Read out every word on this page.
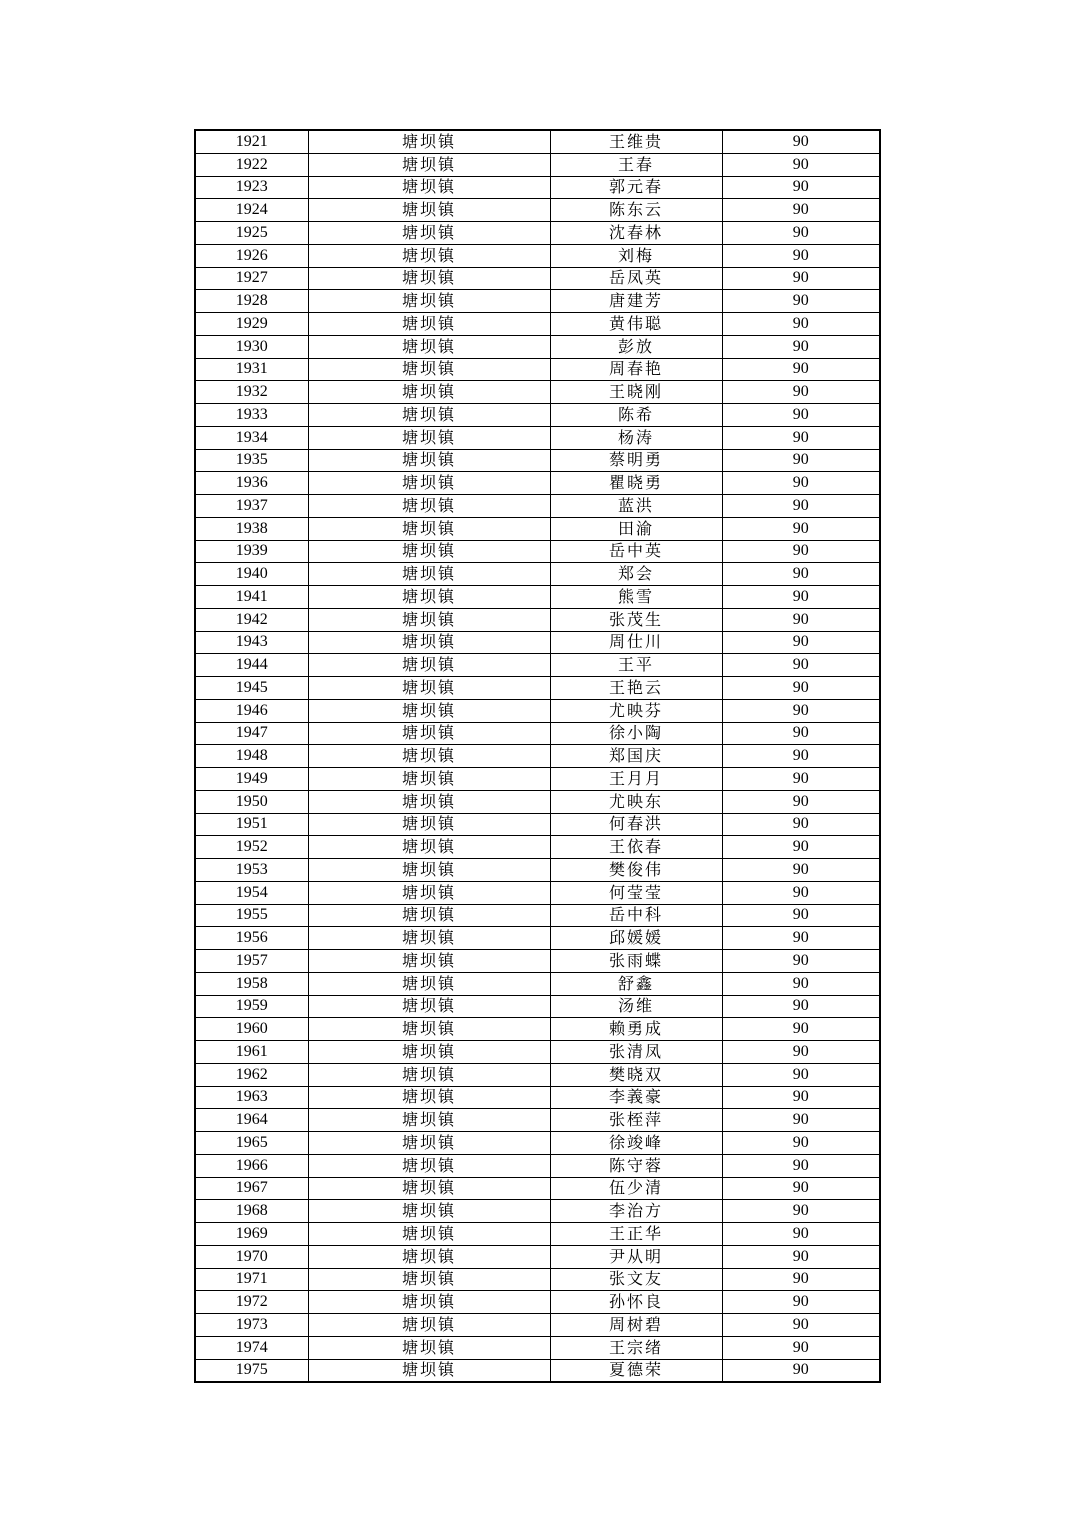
1921	塘坝镇	王维贵	90
1922	塘坝镇	王春	90
1923	塘坝镇	郭元春	90
1924	塘坝镇	陈东云	90
1925	塘坝镇	沈春林	90
1926	塘坝镇	刘梅	90
1927	塘坝镇	岳凤英	90
1928	塘坝镇	唐建芳	90
1929	塘坝镇	黄伟聪	90
1930	塘坝镇	彭放	90
1931	塘坝镇	周春艳	90
1932	塘坝镇	王晓刚	90
1933	塘坝镇	陈希	90
1934	塘坝镇	杨涛	90
1935	塘坝镇	蔡明勇	90
1936	塘坝镇	瞿晓勇	90
1937	塘坝镇	蓝洪	90
1938	塘坝镇	田渝	90
1939	塘坝镇	岳中英	90
1940	塘坝镇	郑会	90
1941	塘坝镇	熊雪	90
1942	塘坝镇	张茂生	90
1943	塘坝镇	周仕川	90
1944	塘坝镇	王平	90
1945	塘坝镇	王艳云	90
1946	塘坝镇	尤映芬	90
1947	塘坝镇	徐小陶	90
1948	塘坝镇	郑国庆	90
1949	塘坝镇	王月月	90
1950	塘坝镇	尤映东	90
1951	塘坝镇	何春洪	90
1952	塘坝镇	王依春	90
1953	塘坝镇	樊俊伟	90
1954	塘坝镇	何莹莹	90
1955	塘坝镇	岳中科	90
1956	塘坝镇	邱媛媛	90
1957	塘坝镇	张雨蝶	90
1958	塘坝镇	舒鑫	90
1959	塘坝镇	汤维	90
1960	塘坝镇	赖勇成	90
1961	塘坝镇	张清凤	90
1962	塘坝镇	樊晓双	90
1963	塘坝镇	李義豪	90
1964	塘坝镇	张桎萍	90
1965	塘坝镇	徐竣峰	90
1966	塘坝镇	陈守蓉	90
1967	塘坝镇	伍少清	90
1968	塘坝镇	李治方	90
1969	塘坝镇	王正华	90
1970	塘坝镇	尹从明	90
1971	塘坝镇	张文友	90
1972	塘坝镇	孙怀良	90
1973	塘坝镇	周树碧	90
1974	塘坝镇	王宗绪	90
1975	塘坝镇	夏德荣	90
